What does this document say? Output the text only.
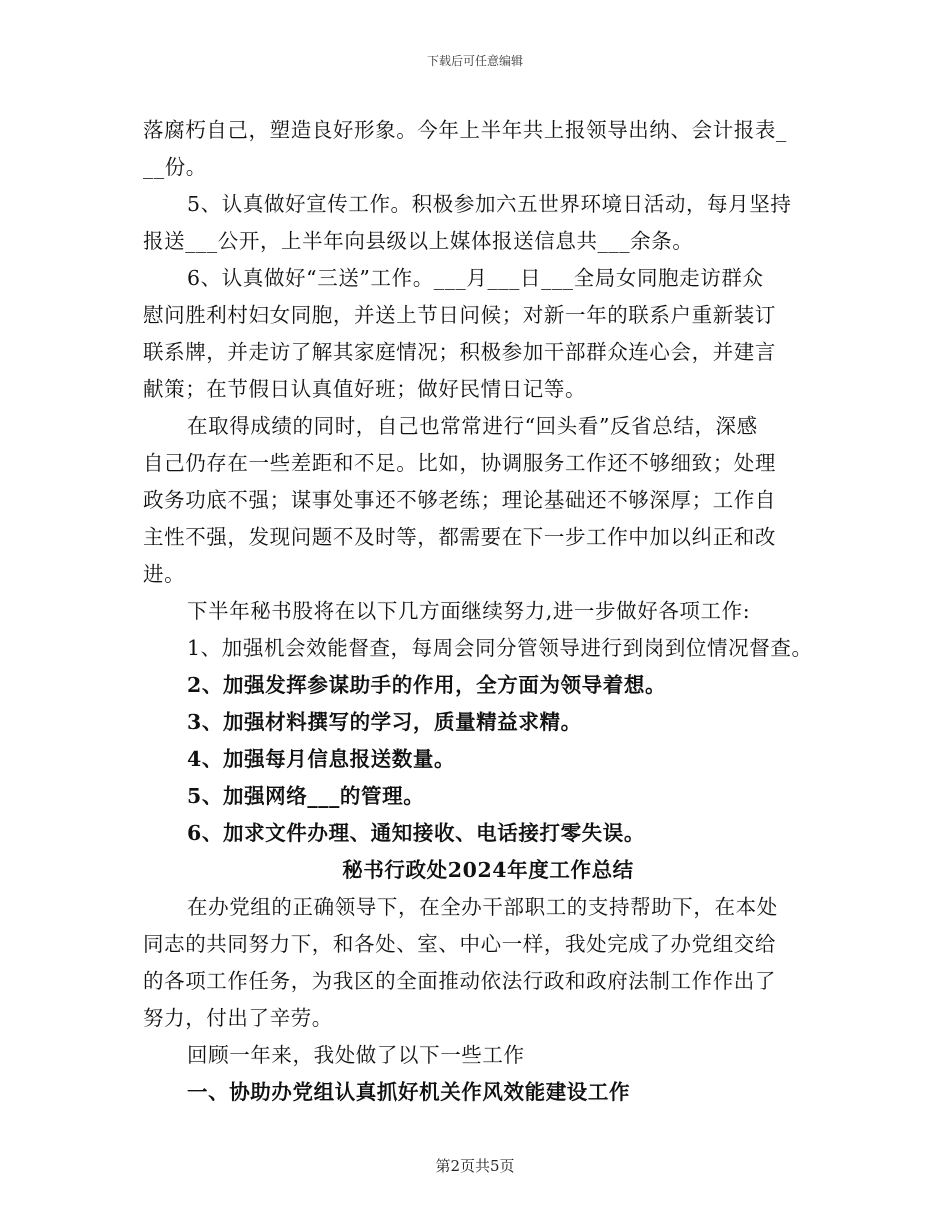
下载后可任意编辑
落腐朽自己，塑造良好形象。今年上半年共上报领导出纳、会计报表_
__份。
5、认真做好宣传工作。积极参加六五世界环境日活动，每月坚持
报送___公开，上半年向县级以上媒体报送信息共___余条。
6、认真做好“三送”工作。___月___日___全局女同胞走访群众
慰问胜利村妇女同胞，并送上节日问候；对新一年的联系户重新装订
联系牌，并走访了解其家庭情况；积极参加干部群众连心会，并建言
献策；在节假日认真值好班；做好民情日记等。
在取得成绩的同时，自己也常常进行“回头看”反省总结，深感
自己仍存在一些差距和不足。比如，协调服务工作还不够细致；处理
政务功底不强；谋事处事还不够老练；理论基础还不够深厚；工作自
主性不强，发现问题不及时等，都需要在下一步工作中加以纠正和改
进。
下半年秘书股将在以下几方面继续努力,进一步做好各项工作:
1、加强机会效能督查，每周会同分管领导进行到岗到位情况督查。
2、加强发挥参谋助手的作用，全方面为领导着想。
3、加强材料撰写的学习，质量精益求精。
4、加强每月信息报送数量。
5、加强网络___的管理。
6、加求文件办理、通知接收、电话接打零失误。
秘书行政处2024年度工作总结
在办党组的正确领导下，在全办干部职工的支持帮助下，在本处
同志的共同努力下，和各处、室、中心一样，我处完成了办党组交给
的各项工作任务，为我区的全面推动依法行政和政府法制工作作出了
努力，付出了辛劳。
回顾一年来，我处做了以下一些工作
一、协助办党组认真抓好机关作风效能建设工作
第2页共5页
